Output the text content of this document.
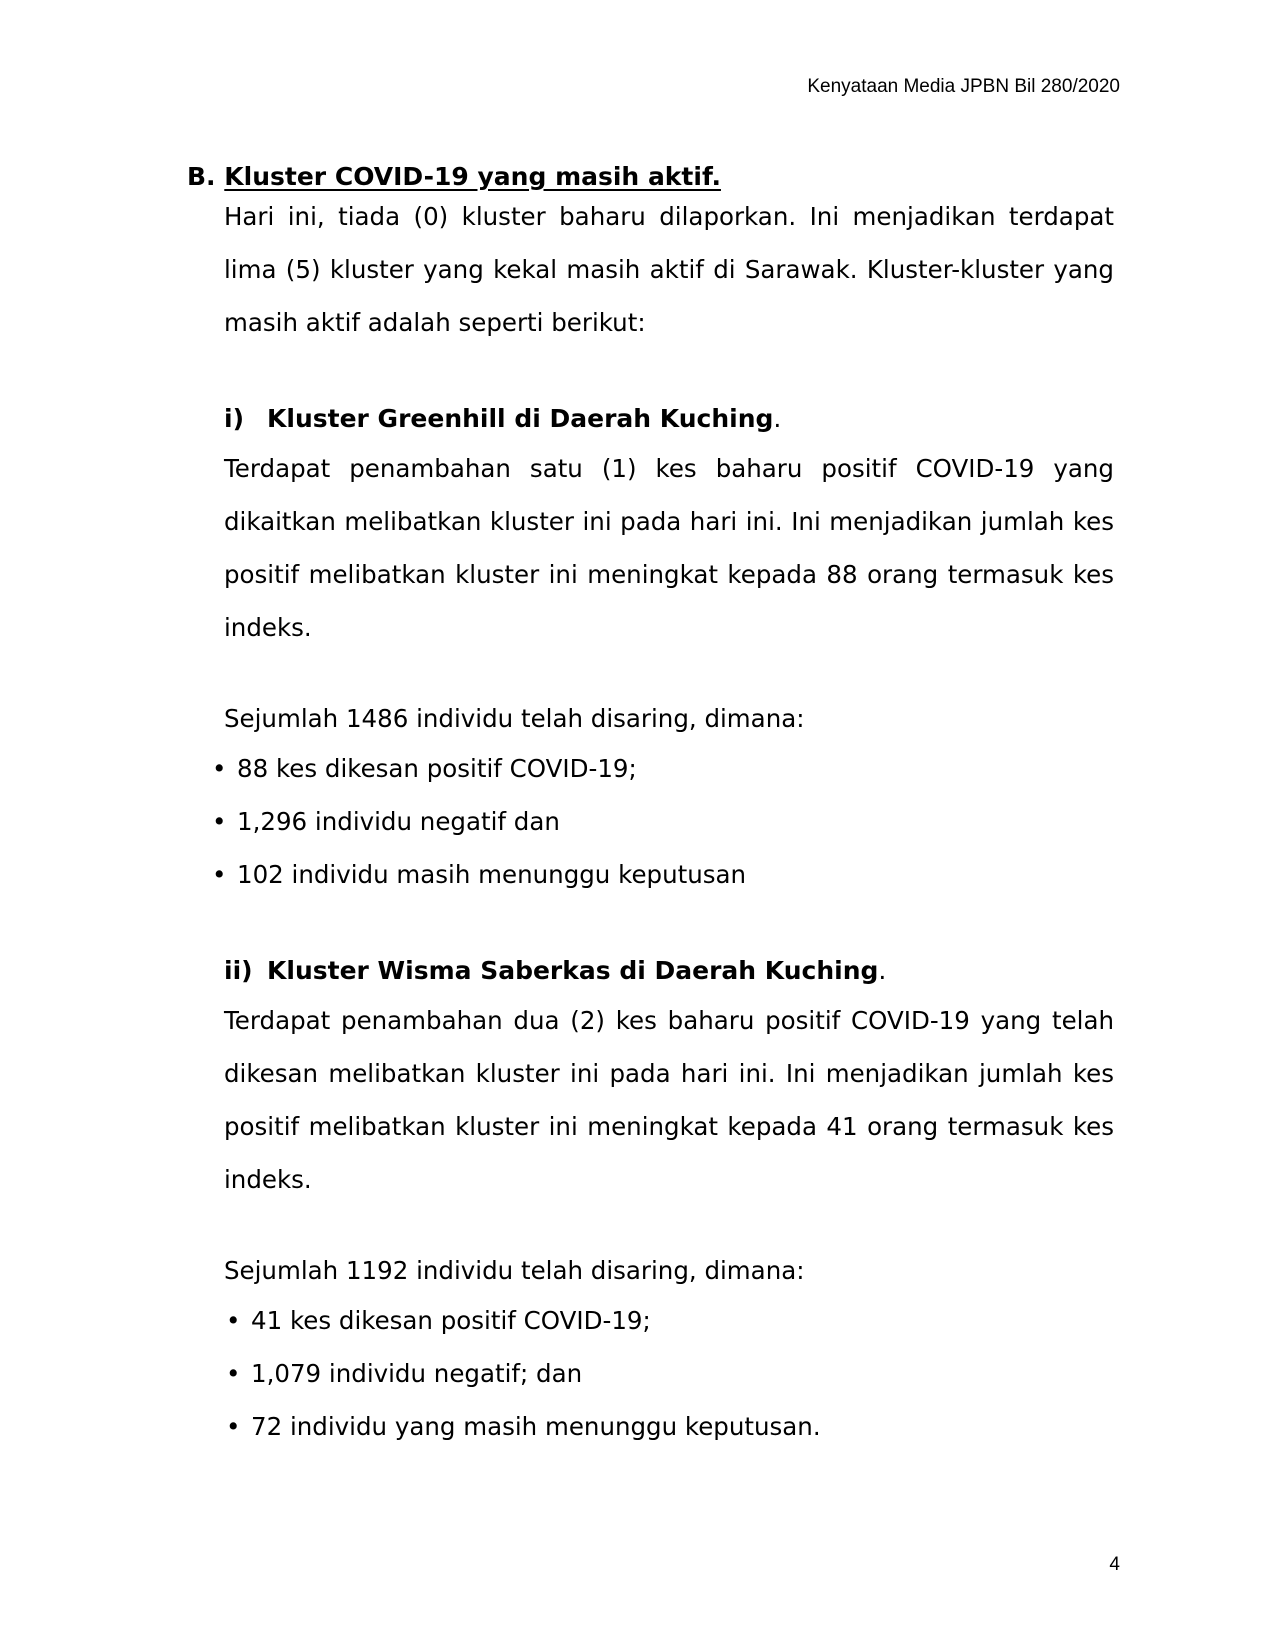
Kenyataan Media JPBN Bil 280/2020
B. Kluster COVID-19 yang masih aktif.
Hari ini, tiada (0) kluster baharu dilaporkan. Ini menjadikan terdapat lima (5) kluster yang kekal masih aktif di Sarawak. Kluster-kluster yang masih aktif adalah seperti berikut:
i) Kluster Greenhill di Daerah Kuching.
Terdapat penambahan satu (1) kes baharu positif COVID-19 yang dikaitkan melibatkan kluster ini pada hari ini. Ini menjadikan jumlah kes positif melibatkan kluster ini meningkat kepada 88 orang termasuk kes indeks.
Sejumlah 1486 individu telah disaring, dimana:
• 88 kes dikesan positif COVID-19;
• 1,296 individu negatif dan
• 102 individu masih menunggu keputusan
ii) Kluster Wisma Saberkas di Daerah Kuching.
Terdapat penambahan dua (2) kes baharu positif COVID-19 yang telah dikesan melibatkan kluster ini pada hari ini. Ini menjadikan jumlah kes positif melibatkan kluster ini meningkat kepada 41 orang termasuk kes indeks.
Sejumlah 1192 individu telah disaring, dimana:
• 41 kes dikesan positif COVID-19;
• 1,079 individu negatif; dan
• 72 individu yang masih menunggu keputusan.
4
